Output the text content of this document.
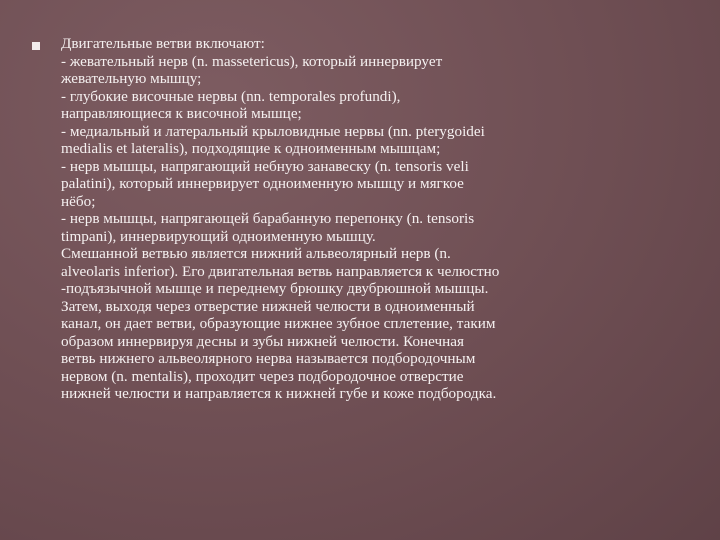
Двигательные ветви включают:
- жевательный нерв (n. massetericus), который иннервирует
жевательную мышцу;
- глубокие височные нервы (nn. temporales profundi),
направляющиеся к височной мышце;
- медиальный и латеральный крыловидные нервы (nn. pterygoidei
medialis et lateralis), подходящие к одноименным мышцам;
- нерв мышцы, напрягающий небную занавеску (n. tensoris veli
palatini), который иннервирует одноименную мышцу и мягкое
нёбо;
- нерв мышцы, напрягающей барабанную перепонку (n. tensoris
timpani), иннервирующий одноименную мышцу.
Смешанной ветвью является нижний альвеолярный нерв (n.
alveolaris inferior). Его двигательная ветвь направляется к челюстно
-подъязычной мышце и переднему брюшку двубрюшной мышцы.
Затем, выходя через отверстие нижней челюсти в одноименный
канал, он дает ветви, образующие нижнее зубное сплетение, таким
образом иннервируя десны и зубы нижней челюсти. Конечная
ветвь нижнего альвеолярного нерва называется подбородочным
нервом (n. mentalis), проходит через подбородочное отверстие
нижней челюсти и направляется к нижней губе и коже подбородка.
